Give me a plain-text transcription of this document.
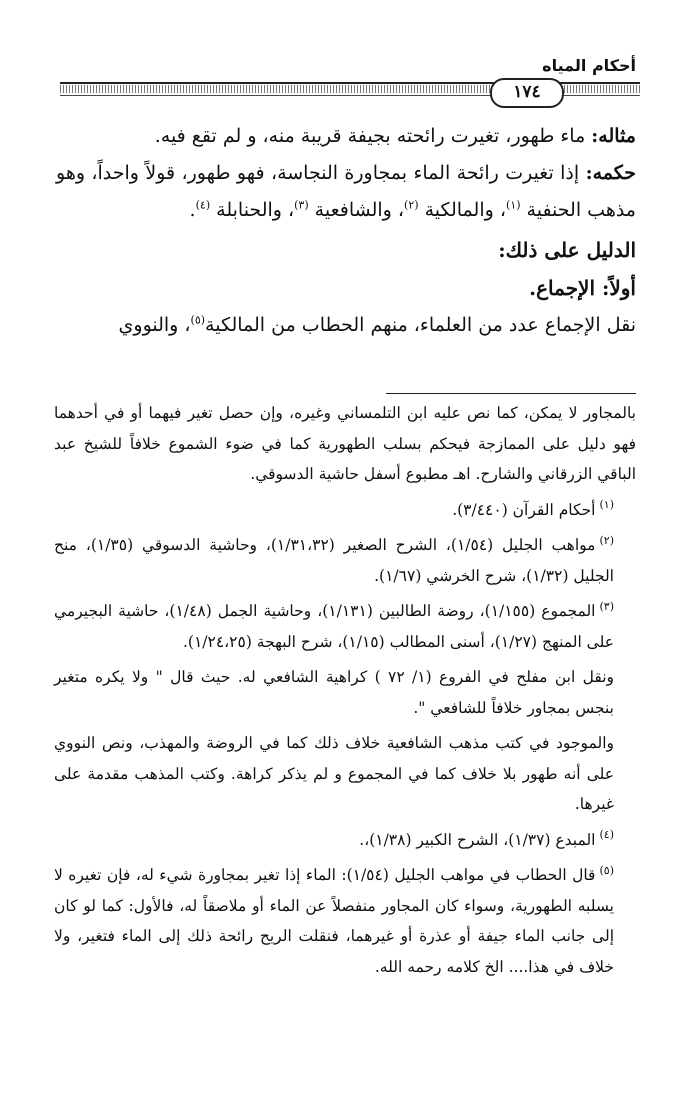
أحكام المياه
١٧٤

مثاله: ماء طهور، تغيرت رائحته بجيفة قريبة منه، و لم تقع فيه.

حكمه: إذا تغيرت رائحة الماء بمجاورة النجاسة، فهو طهور، قولاً واحداً، وهو مذهب الحنفية $^{(١)}$، والمالكية $^{(٢)}$، والشافعية $^{(٣)}$، والحنابلة $^{(٤)}$.

الدليل على ذلك:

أولاً: الإجماع.

نقل الإجماع عدد من العلماء، منهم الحطاب من المالكية$^{(٥)}$، والنووي

بالمجاور لا يمكن، كما نص عليه ابن التلمساني وغيره، وإن حصل تغير فيهما أو في أحدهما فهو دليل على الممازجة فيحكم بسلب الطهورية كما في ضوء الشموع خلافاً للشيخ عبد الباقي الزرقاني والشارح. اهـ مطبوع أسفل حاشية الدسوقي.

$^{(١)}$أحكام القرآن (٣/٤٤٠).

$^{(٢)}$مواهب الجليل (١/٥٤)، الشرح الصغير (١/٣١،٣٢)، وحاشية الدسوقي (١/٣٥)، منح الجليل (١/٣٢)، شرح الخرشي (١/٦٧).

$^{(٣)}$المجموع (١/١٥٥)، روضة الطالبين (١/١٣١)، وحاشية الجمل (١/٤٨)، حاشية البجيرمي على المنهج (١/٢٧)، أسنى المطالب (١/١٥)، شرح البهجة (١/٢٤،٢٥).

ونقل ابن مفلح في الفروع (١/ ٧٢ ) كراهية الشافعي له. حيث قال " ولا يكره متغير بنجس بمجاور خلافاً للشافعي ".

والموجود في كتب مذهب الشافعية خلاف ذلك كما في الروضة والمهذب، ونص النووي على أنه طهور بلا خلاف كما في المجموع و لم يذكر كراهة. وكتب المذهب مقدمة على غيرها.

$^{(٤)}$المبدع (١/٣٧)، الشرح الكبير (١/٣٨)،.

$^{(٥)}$قال الحطاب في مواهب الجليل (١/٥٤): الماء إذا تغير بمجاورة شيء له، فإن تغيره لا يسلبه الطهورية، وسواء كان المجاور منفصلاً عن الماء أو ملاصقاً له، فالأول: كما لو كان إلى جانب الماء جيفة أو عذرة أو غيرهما، فنقلت الريح رائحة ذلك إلى الماء فتغير، ولا خلاف في هذا.... الخ كلامه رحمه الله.
